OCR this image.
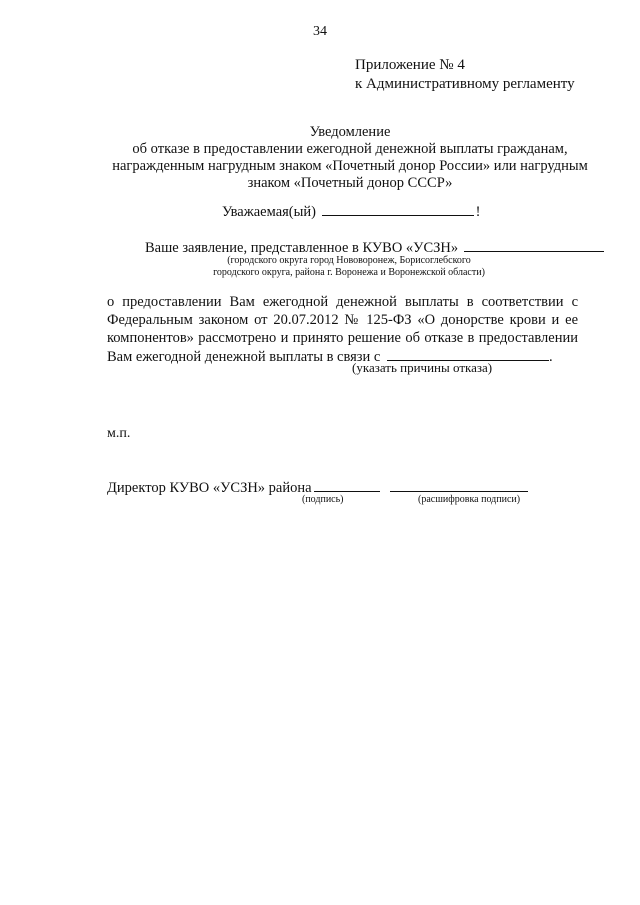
34
Приложение № 4
к Административному регламенту
Уведомление
об отказе в предоставлении ежегодной денежной выплаты гражданам,
награжденным нагрудным знаком «Почетный донор России» или нагрудным
знаком «Почетный донор СССР»
Уважаемая(ый)	!
Ваше заявление, представленное в КУВО «УСЗН»
(городского округа город Нововоронеж, Борисоглебского
городского округа, района г. Воронежа и Воронежской области)
о предоставлении Вам ежегодной денежной выплаты в соответствии с Федеральным законом от 20.07.2012 № 125-ФЗ «О донорстве крови и ее компонентов» рассмотрено и принято решение об отказе в предоставлении Вам ежегодной денежной выплаты в связи с	.
(указать причины отказа)
м.п.
Директор КУВО «УСЗН» района
(подпись)	(расшифровка подписи)
